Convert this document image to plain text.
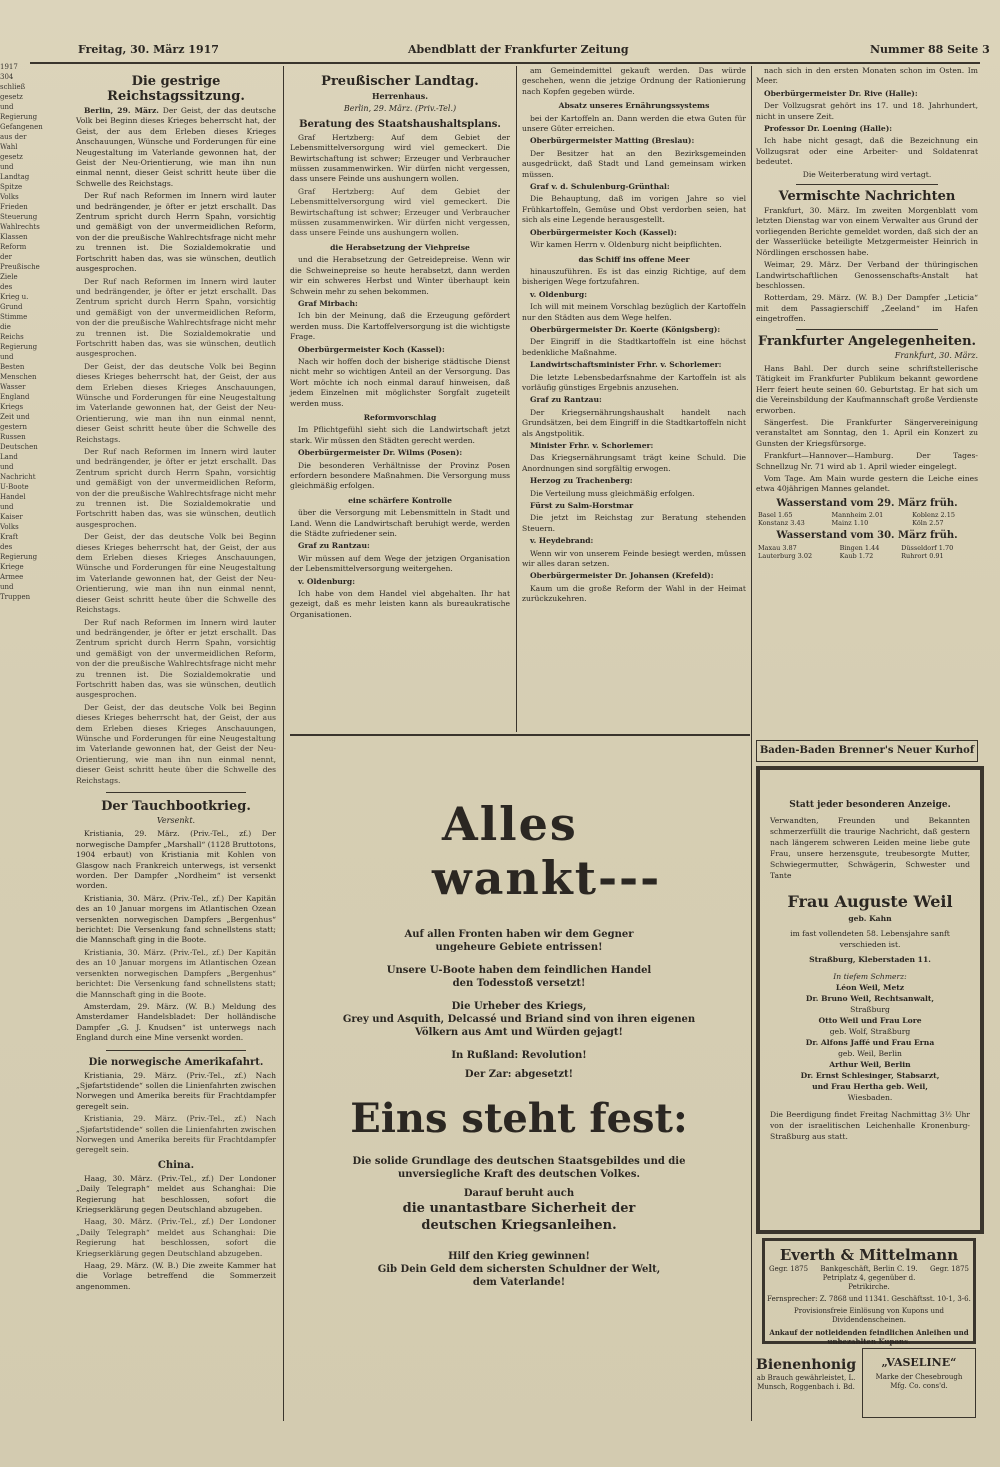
1917 304 schließ gesetz und Regierung Gefangenen aus der Wahl gesetz und Landtag Spitze Volks Frieden Steuerung Wahlrechts Klassen Reform der Preußische Ziele des Krieg u. Grund Stimme die Reichs Regierung und Besten Menschen Wasser England Kriegs Zeit und gestern Russen Deutschen Land und Nachricht U-Boote Handel und Kaiser Volks Kraft des Regierung Kriege Armee und Truppen
Freitag, 30. März 1917	Abendblatt der Frankfurter Zeitung	Nummer 88 Seite 3
Die gestrige Reichstagssitzung.

Berlin, 29. März. Der Geist, der das deutsche Volk bei Beginn dieses Krieges beherrscht hat, der Geist, der aus dem Erleben dieses Krieges Anschauungen, Wünsche und Forderungen für eine Neugestaltung im Vaterlande gewonnen hat, der Geist der Neu-Orientierung, wie man ihn nun einmal nennt, dieser Geist schritt heute über die Schwelle des Reichstags.

Der Ruf nach Reformen im Innern wird lauter und bedrängender, je öfter er jetzt erschallt. Das Zentrum spricht durch Herrn Spahn, vorsichtig und gemäßigt von der unvermeidlichen Reform, von der die preußische Wahlrechtsfrage nicht mehr zu trennen ist. Die Sozialdemokratie und Fortschritt haben das, was sie wünschen, deutlich ausgesprochen.

Der Ruf nach Reformen im Innern wird lauter und bedrängender, je öfter er jetzt erschallt. Das Zentrum spricht durch Herrn Spahn, vorsichtig und gemäßigt von der unvermeidlichen Reform, von der die preußische Wahlrechtsfrage nicht mehr zu trennen ist. Die Sozialdemokratie und Fortschritt haben das, was sie wünschen, deutlich ausgesprochen.

Der Geist, der das deutsche Volk bei Beginn dieses Krieges beherrscht hat, der Geist, der aus dem Erleben dieses Krieges Anschauungen, Wünsche und Forderungen für eine Neugestaltung im Vaterlande gewonnen hat, der Geist der Neu-Orientierung, wie man ihn nun einmal nennt, dieser Geist schritt heute über die Schwelle des Reichstags.

Der Ruf nach Reformen im Innern wird lauter und bedrängender, je öfter er jetzt erschallt. Das Zentrum spricht durch Herrn Spahn, vorsichtig und gemäßigt von der unvermeidlichen Reform, von der die preußische Wahlrechtsfrage nicht mehr zu trennen ist. Die Sozialdemokratie und Fortschritt haben das, was sie wünschen, deutlich ausgesprochen.

Der Geist, der das deutsche Volk bei Beginn dieses Krieges beherrscht hat, der Geist, der aus dem Erleben dieses Krieges Anschauungen, Wünsche und Forderungen für eine Neugestaltung im Vaterlande gewonnen hat, der Geist der Neu-Orientierung, wie man ihn nun einmal nennt, dieser Geist schritt heute über die Schwelle des Reichstags.

Der Ruf nach Reformen im Innern wird lauter und bedrängender, je öfter er jetzt erschallt. Das Zentrum spricht durch Herrn Spahn, vorsichtig und gemäßigt von der unvermeidlichen Reform, von der die preußische Wahlrechtsfrage nicht mehr zu trennen ist. Die Sozialdemokratie und Fortschritt haben das, was sie wünschen, deutlich ausgesprochen.

Der Geist, der das deutsche Volk bei Beginn dieses Krieges beherrscht hat, der Geist, der aus dem Erleben dieses Krieges Anschauungen, Wünsche und Forderungen für eine Neugestaltung im Vaterlande gewonnen hat, der Geist der Neu-Orientierung, wie man ihn nun einmal nennt, dieser Geist schritt heute über die Schwelle des Reichstags.

Der Tauchbootkrieg.
Versenkt.

Kristiania, 29. März. (Priv.-Tel., zf.) Der norwegische Dampfer „Marshall“ (1128 Bruttotons, 1904 erbaut) von Kristiania mit Kohlen von Glasgow nach Frankreich unterwegs, ist versenkt worden. Der Dampfer „Nordheim“ ist versenkt worden.

Kristiania, 30. März. (Priv.-Tel., zf.) Der Kapitän des an 10 Januar morgens im Atlantischen Ozean versenkten norwegischen Dampfers „Bergenhus“ berichtet: Die Versenkung fand schnellstens statt; die Mannschaft ging in die Boote.

Kristiania, 30. März. (Priv.-Tel., zf.) Der Kapitän des an 10 Januar morgens im Atlantischen Ozean versenkten norwegischen Dampfers „Bergenhus“ berichtet: Die Versenkung fand schnellstens statt; die Mannschaft ging in die Boote.

Amsterdam, 29. März. (W. B.) Meldung des Amsterdamer Handelsbladet: Der holländische Dampfer „G. J. Knudsen“ ist unterwegs nach England durch eine Mine versenkt worden.

Die norwegische Amerikafahrt.

Kristiania, 29. März. (Priv.-Tel., zf.) Nach „Sjøfartstidende“ sollen die Linienfahrten zwischen Norwegen und Amerika bereits für Frachtdampfer geregelt sein.

Kristiania, 29. März. (Priv.-Tel., zf.) Nach „Sjøfartstidende“ sollen die Linienfahrten zwischen Norwegen und Amerika bereits für Frachtdampfer geregelt sein.

China.

Haag, 30. März. (Priv.-Tel., zf.) Der Londoner „Daily Telegraph“ meldet aus Schanghai: Die Regierung hat beschlossen, sofort die Kriegserklärung gegen Deutschland abzugeben.

Haag, 30. März. (Priv.-Tel., zf.) Der Londoner „Daily Telegraph“ meldet aus Schanghai: Die Regierung hat beschlossen, sofort die Kriegserklärung gegen Deutschland abzugeben.

Haag, 29. März. (W. B.) Die zweite Kammer hat die Vorlage betreffend die Sommerzeit angenommen.

Preußischer Landtag.
Herrenhaus.
Berlin, 29. März. (Priv.-Tel.)
Beratung des Staatshaushaltsplans.

Graf Hertzberg: Auf dem Gebiet der Lebensmittelversorgung wird viel gemeckert. Die Bewirtschaftung ist schwer; Erzeuger und Verbraucher müssen zusammenwirken. Wir dürfen nicht vergessen, dass unsere Feinde uns aushungern wollen.

Graf Hertzberg: Auf dem Gebiet der Lebensmittelversorgung wird viel gemeckert. Die Bewirtschaftung ist schwer; Erzeuger und Verbraucher müssen zusammenwirken. Wir dürfen nicht vergessen, dass unsere Feinde uns aushungern wollen.

die Herabsetzung der Viehpreise

und die Herabsetzung der Getreidepreise. Wenn wir die Schweinepreise so heute herabsetzt, dann werden wir ein schweres Herbst und Winter überhaupt kein Schwein mehr zu sehen bekommen.

Graf Mirbach:

Ich bin der Meinung, daß die Erzeugung gefördert werden muss. Die Kartoffelversorgung ist die wichtigste Frage.

Oberbürgermeister Koch (Kassel):

Nach wir hoffen doch der bisherige städtische Dienst nicht mehr so wichtigen Anteil an der Versorgung. Das Wort möchte ich noch einmal darauf hinweisen, daß jedem Einzelnen mit möglichster Sorgfalt zugeteilt werden muss.

Reformvorschlag

Im Pflichtgefühl sieht sich die Landwirtschaft jetzt stark. Wir müssen den Städten gerecht werden.

Oberbürgermeister Dr. Wilms (Posen):

Die besonderen Verhältnisse der Provinz Posen erfordern besondere Maßnahmen. Die Versorgung muss gleichmäßig erfolgen.

eine schärfere Kontrolle

über die Versorgung mit Lebensmitteln in Stadt und Land. Wenn die Landwirtschaft beruhigt werde, werden die Städte zufriedener sein.

Graf zu Rantzau:

Wir müssen auf dem Wege der jetzigen Organisation der Lebensmittelversorgung weitergehen.

v. Oldenburg:

Ich habe von dem Handel viel abgehalten. Ihr hat gezeigt, daß es mehr leisten kann als bureaukratische Organisationen.

am Gemeindemittel gekauft werden. Das würde geschehen, wenn die jetzige Ordnung der Rationierung nach Kopfen gegeben würde.

Absatz unseres Ernährungssystems

bei der Kartoffeln an. Dann werden die etwa Guten für unsere Güter erreichen.

Oberbürgermeister Matting (Breslau):

Der Besitzer hat an den Bezirksgemeinden ausgedrückt, daß Stadt und Land gemeinsam wirken müssen.

Graf v. d. Schulenburg-Grünthal:

Die Behauptung, daß im vorigen Jahre so viel Frühkartoffeln, Gemüse und Obst verdorben seien, hat sich als eine Legende herausgestellt.

Oberbürgermeister Koch (Kassel):

Wir kamen Herrn v. Oldenburg nicht beipflichten.

das Schiff ins offene Meer

hinauszuführen. Es ist das einzig Richtige, auf dem bisherigen Wege fortzufahren.

v. Oldenburg:

Ich will mit meinem Vorschlag bezüglich der Kartoffeln nur den Städten aus dem Wege helfen.

Oberbürgermeister Dr. Koerte (Königsberg):

Der Eingriff in die Stadtkartoffeln ist eine höchst bedenkliche Maßnahme.

Landwirtschaftsminister Frhr. v. Schorlemer:

Die letzte Lebensbedarfsnahme der Kartoffeln ist als vorläufig günstiges Ergebnis anzusehen.

Graf zu Rantzau:

Der Kriegsernährungshaushalt handelt nach Grundsätzen, bei dem Eingriff in die Stadtkartoffeln nicht als Angstpolitik.

Minister Frhr. v. Schorlemer:

Das Kriegsernährungsamt trägt keine Schuld. Die Anordnungen sind sorgfältig erwogen.

Herzog zu Trachenberg:

Die Verteilung muss gleichmäßig erfolgen.

Fürst zu Salm-Horstmar

Die jetzt im Reichstag zur Beratung stehenden Steuern.

v. Heydebrand:

Wenn wir von unserem Feinde besiegt werden, müssen wir alles daran setzen.

Oberbürgermeister Dr. Johansen (Krefeld):

Kaum um die große Reform der Wahl in der Heimat zurückzukehren.

nach sich in den ersten Monaten schon im Osten. Im Meer.

Oberbürgermeister Dr. Rive (Halle):

Der Vollzugsrat gehört ins 17. und 18. Jahrhundert, nicht in unsere Zeit.

Professor Dr. Loening (Halle):

Ich habe nicht gesagt, daß die Bezeichnung ein Vollzugsrat oder eine Arbeiter- und Soldatenrat bedeutet.

Die Weiterberatung wird vertagt.

Vermischte Nachrichten

Frankfurt, 30. März. Im zweiten Morgenblatt vom letzten Dienstag war von einem Verwalter aus Grund der vorliegenden Berichte gemeldet worden, daß sich der an der Wasserlücke beteiligte Metzgermeister Heinrich in Nördlingen erschossen habe.

Weimar, 29. März. Der Verband der thüringischen Landwirtschaftlichen Genossenschafts-Anstalt hat beschlossen.

Rotterdam, 29. März. (W. B.) Der Dampfer „Leticia“ mit dem Passagierschiff „Zeeland“ im Hafen eingetroffen.

Frankfurter Angelegenheiten.
Frankfurt, 30. März.

Hans Bahl. Der durch seine schriftstellerische Tätigkeit im Frankfurter Publikum bekannt gewordene Herr feiert heute seinen 60. Geburtstag. Er hat sich um die Vereinsbildung der Kaufmannschaft große Verdienste erworben.

Sängerfest. Die Frankfurter Sängervereinigung veranstaltet am Sonntag, den 1. April ein Konzert zu Gunsten der Kriegsfürsorge.

Frankfurt—Hannover—Hamburg. Der Tages-Schnellzug Nr. 71 wird ab 1. April wieder eingelegt.

Vom Tage. Am Main wurde gestern die Leiche eines etwa 40jährigen Mannes gelandet.

Wasserstand vom 29. März früh.
Basel 1.65	Mannheim 2.01	Koblenz 2.15
Konstanz 3.43	Mainz 1.10	Köln 2.57
Wasserstand vom 30. März früh.
Maxau 3.87	Bingen 1.44	Düsseldorf 1.70
Lauterburg 3.02	Kaub 1.72	Ruhrort 0.91
Alles
wankt---
Auf allen Fronten haben wir dem Gegner
ungeheure Gebiete entrissen!
Unsere U-Boote haben dem feindlichen Handel
den Todesstoß versetzt!
Die Urheber des Kriegs,
Grey und Asquith, Delcassé und Briand sind von ihren eigenen
Völkern aus Amt und Würden gejagt!
In Rußland: Revolution!
Der Zar: abgesetzt!
Eins steht fest:
Die solide Grundlage des deutschen Staatsgebildes und die
unversiegliche Kraft des deutschen Volkes.
Darauf beruht auch
die unantastbare Sicherheit der
deutschen Kriegsanleihen.
Hilf den Krieg gewinnen!
Gib Dein Geld dem sichersten Schuldner der Welt,
dem Vaterlande!
Baden-Baden Brenner's Neuer Kurhof
Statt jeder besonderen Anzeige.
Verwandten, Freunden und Bekannten schmerzerfüllt die traurige Nachricht, daß gestern nach längerem schweren Leiden meine liebe gute Frau, unsere herzensgute, treubesorgte Mutter, Schwiegermutter, Schwägerin, Schwester und Tante
Frau Auguste Weil
geb. Kahn
im fast vollendeten 58. Lebensjahre sanft verschieden ist.
Straßburg, Kleberstaden 11.
In tiefem Schmerz:
Léon Weil, Metz
Dr. Bruno Weil, Rechtsanwalt,
Straßburg
Otto Weil und Frau Lore
geb. Wolf, Straßburg
Dr. Alfons Jaffé und Frau Erna
geb. Weil, Berlin
Arthur Weil, Berlin
Dr. Ernst Schlesinger, Stabsarzt,
und Frau Hertha geb. Weil,
Wiesbaden.
Die Beerdigung findet Freitag Nachmittag 3½ Uhr von der israelitischen Leichenhalle Kronenburg-Straßburg aus statt.
Everth & Mittelmann
Gegr. 1875	Bankgeschäft, Berlin C. 19. Petriplatz 4, gegenüber d. Petrikirche.
Gegr. 1875
Fernsprecher: Z. 7868 und 11341. Geschäftsst. 10-1, 3-6.
Provisionsfreie Einlösung von Kupons und Dividendenscheinen.
Ankauf der notleidenden feindlichen Anleihen und unbezahlten Kupons.
Bienenhonig
ab Brauch gewährleistet, L. Munsch, Roggenbach i. Bd.
„VASELINE“
Marke der Chesebrough Mfg. Co. cons'd.
